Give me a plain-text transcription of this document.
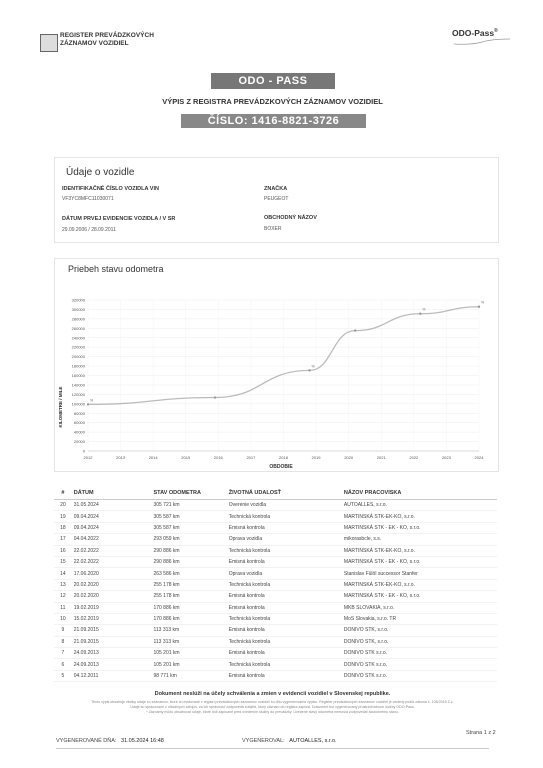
REGISTER PREVÁDZKOVÝCH
ZÁZNAMOV VOZIDIEL
ODO-Pass®
ODO - PASS
VÝPIS Z REGISTRA PREVÁDZKOVÝCH ZÁZNAMOV VOZIDIEL
ČÍSLO: 1416-8821-3726
Údaje o vozidle
IDENTIFIKAČNÉ ČÍSLO VOZIDLA VIN
VF3YC8MFC11030071
DÁTUM PRVEJ EVIDENCIE VOZIDLA / V SR
29.09.2006 / 28.09.2011
ZNAČKA
PEUGEOT
OBCHODNÝ NÁZOV
BOXER
Priebeh stavu odometra
0
20000
40000
60000
80000
100000
120000
140000
160000
180000
200000
220000
240000
260000
280000
300000
320000
2012	2013	2014	2015	2016	2017	2018	2019	2020	2021	2022	2023	2024
%
%
%
%
KILOMETRE / MILE
OBDOBIE
#	DÁTUM	STAV ODOMETRA	ŽIVOTNÁ UDALOSŤ	NÁZOV PRACOVISKA
20	31.05.2024	305 721 km	Overenie vozidla	AUTOALLES, s.r.o.
19	09.04.2024	305 587 km	Technická kontrola	MARTINSKÁ STK-EK-KO, s.r.o.
18	09.04.2024	305 587 km	Emisná kontrola	MARTINSKÁ STK - EK - KO, s.r.o.
17	04.04.2022	293 059 km	Oprava vozidla	mikorasbcle, s.s.
16	22.02.2022	290 886 km	Technická kontrola	MARTINSKÁ STK-EK-KO, s.r.o.
15	22.02.2022	290 886 km	Emisná kontrola	MARTINSKÁ STK - EK - KO, s.r.o.
14	17.06.2020	263 586 km	Oprava vozidla	Stanislav Fülöl successor Stanfer
13	20.02.2020	255 178 km	Technická kontrola	MARTINSKÁ STK-EK-KO, s.r.o.
12	20.02.2020	255 178 km	Emisná kontrola	MARTINSKÁ STK - EK - KO, s.r.o.
11	19.02.2019	170 886 km	Emisná kontrola	MKB SLOVAKIA, s.r.o.
10	15.02.2019	170 886 km	Technická kontrola	MoS Slovakia, s.r.o. TR
9	21.09.2015	113 313 km	Emisná kontrola	DONIVO STK, s.r.o.
8	21.09.2015	113 313 km	Technická kontrola	DONIVO STK, s.r.o.
7	24.09.2013	105 201 km	Emisná kontrola	DONIVO STK s.r.o.
6	24.09.2013	105 201 km	Technická kontrola	DONIVO STK s.r.o.
5	04.12.2011	98 771 km	Emisná kontrola	DONIVO STK s.r.o.
Dokument neslúži na účely schválenia a zmien v evidencii vozidiel v Slovenskej republike.
Tento výpis obsahuje všetky údaje zo záznamov, ktoré sú evidované v registri prevádzkových záznamov vozidiel ku dňu vygenerovania výpisu. Register prevádzkových záznamov vozidiel je vedený podľa zákona č. 106/2018 Z.z.
Údaje sú spracované z oficiálnych zdrojov, za ich správnosť zodpovedá subjekt, ktorý záznam do registra zapísal. Dokument bol vygenerovaný prostredníctvom služby ODO-Pass.
* Záznamy môžu obsahovať údaje, ktoré boli zapísané pred uvedením služby do prevádzky. Uvedené stavy odometra nemusia zodpovedať skutočnému stavu.
Strana 1 z 2
VYGENEROVANÉ DŇA: 31.05.2024 16:48	VYGENEROVAL: AUTOALLES, s.r.o.
